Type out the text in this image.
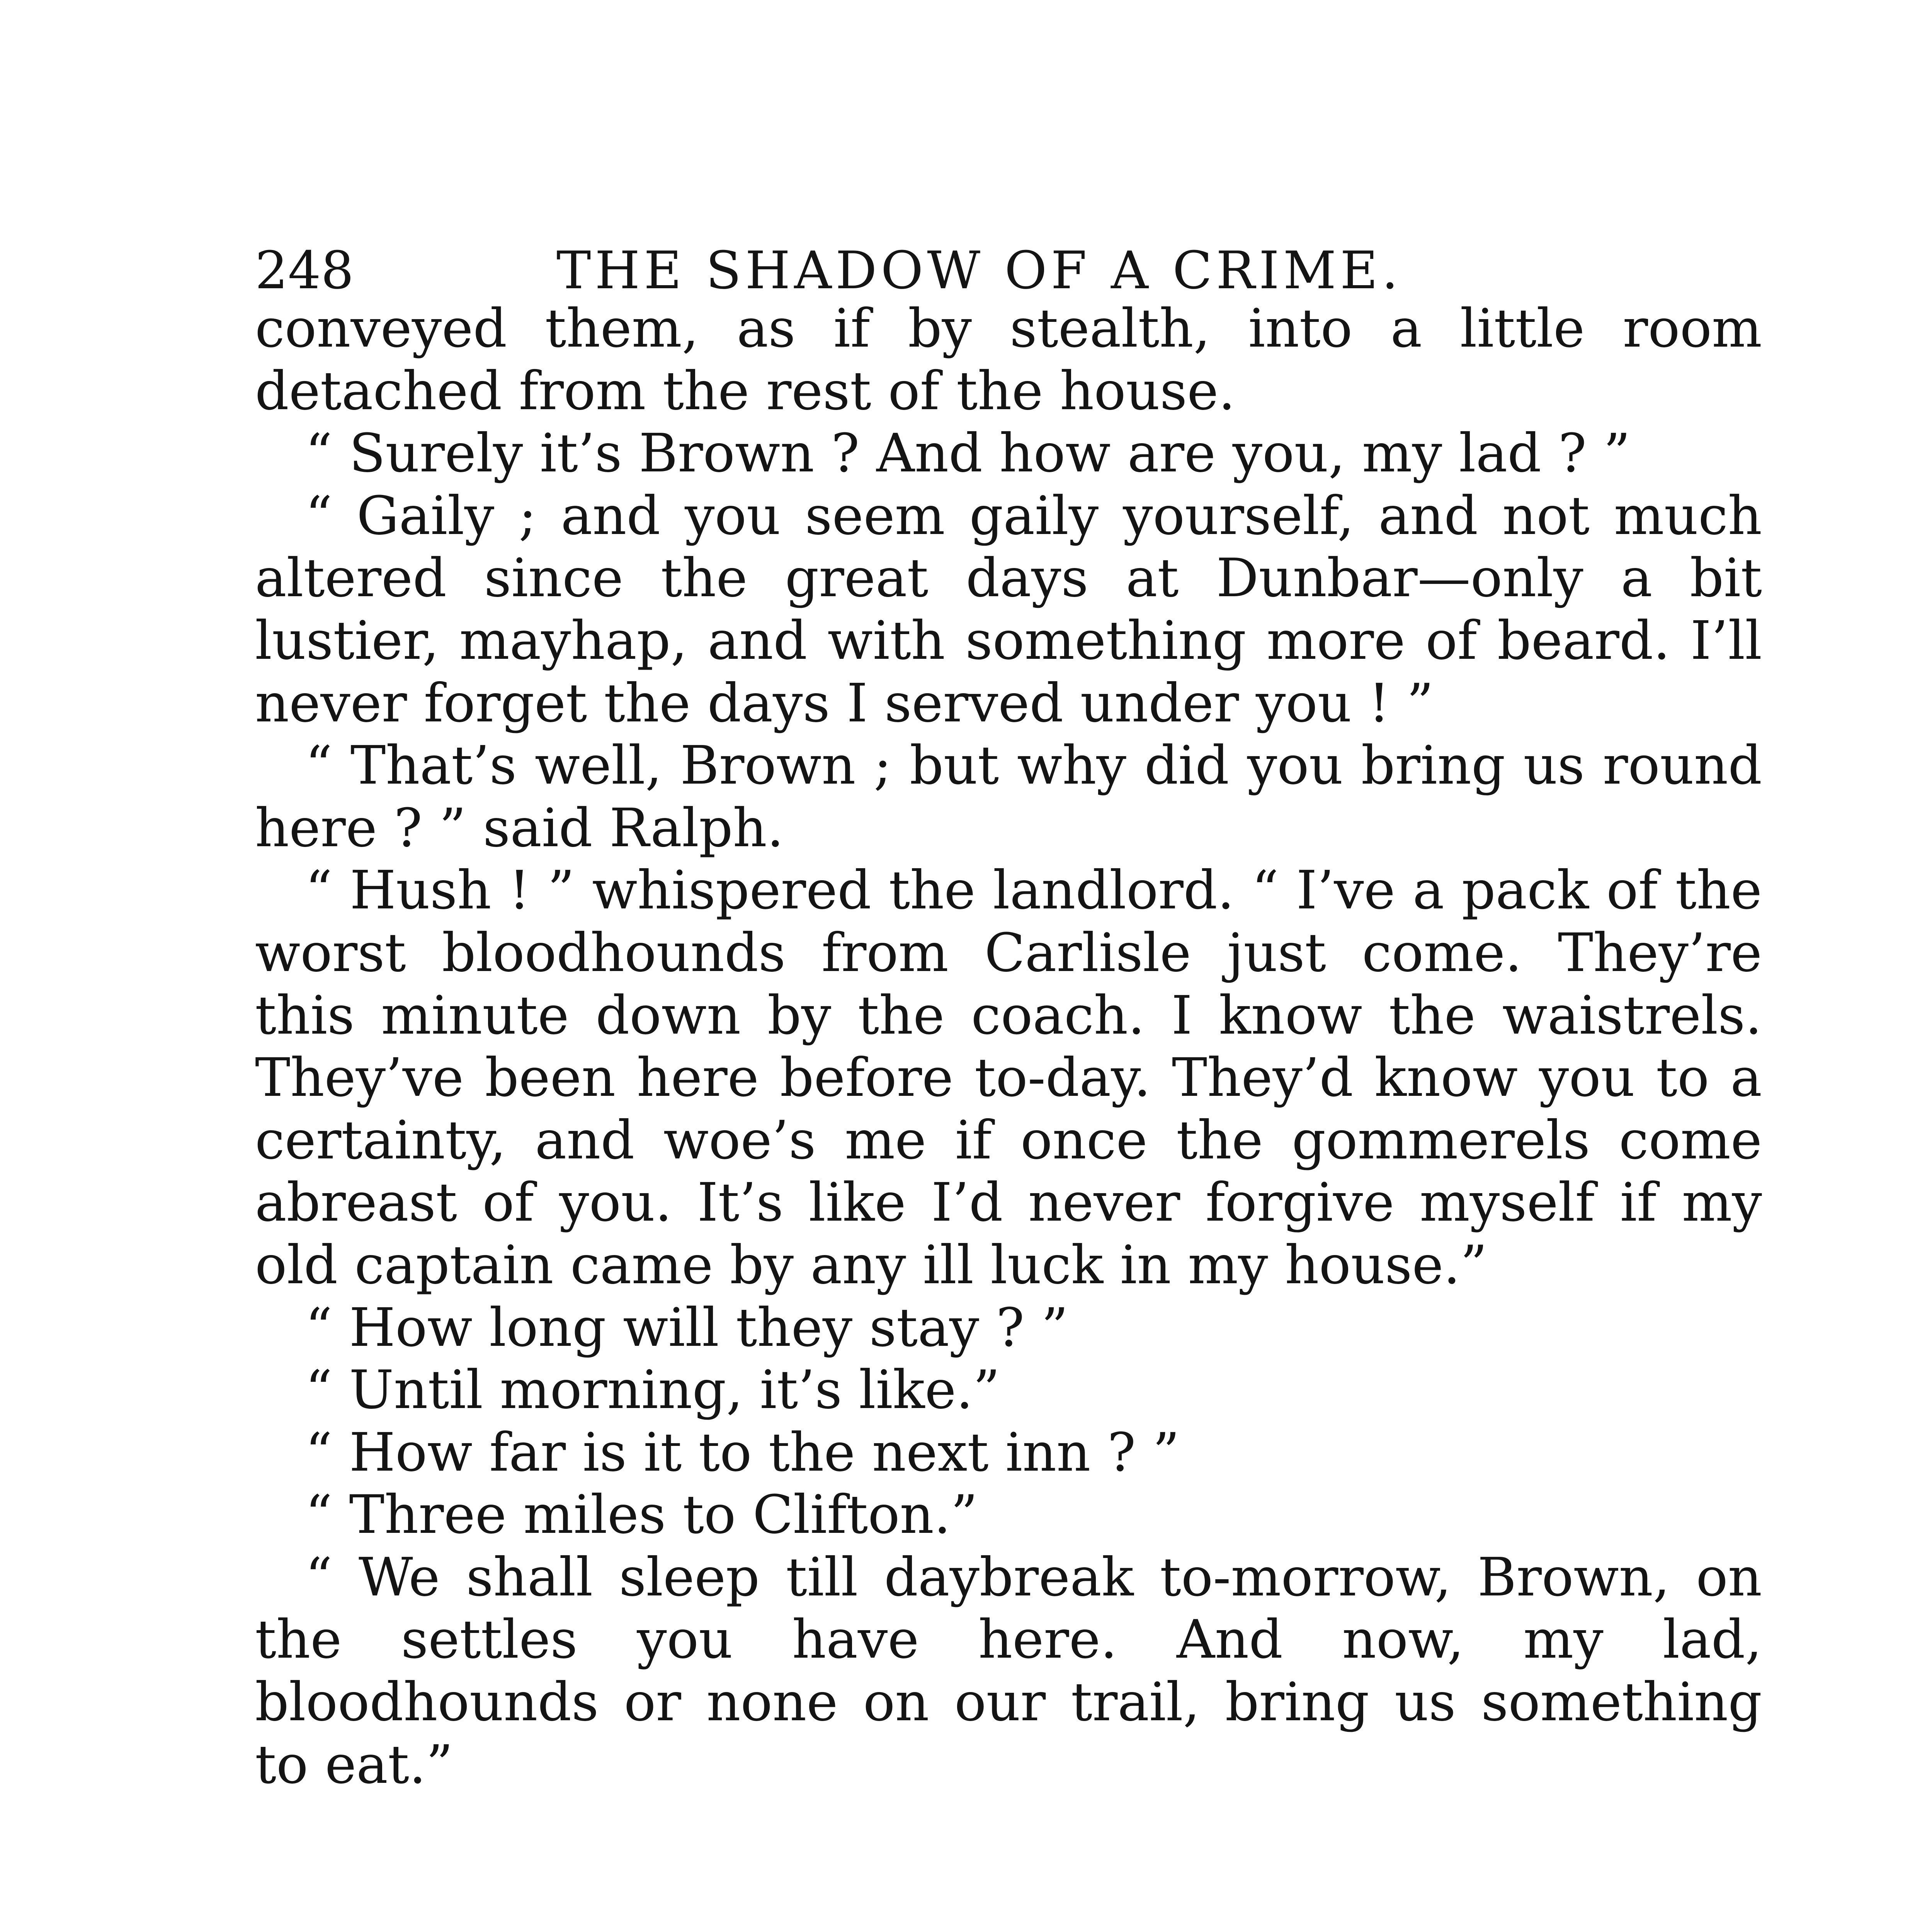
248	THE SHADOW OF A CRIME.

conveyed them, as if by stealth, into a little room detached from the rest of the house.

“ Surely it’s Brown ? And how are you, my lad ? ”

“ Gaily ; and you seem gaily yourself, and not much altered since the great days at Dunbar—only a bit lustier, mayhap, and with something more of beard. I’ll never forget the days I served under you ! ”

“ That’s well, Brown ; but why did you bring us round here ? ” said Ralph.

“ Hush ! ” whispered the landlord. “ I’ve a pack of the worst bloodhounds from Carlisle just come. They’re this minute down by the coach. I know the waistrels. They’ve been here before to-day. They’d know you to a certainty, and woe’s me if once the gommerels come abreast of you. It’s like I’d never forgive myself if my old captain came by any ill luck in my house.”

“ How long will they stay ? ”

“ Until morning, it’s like.”

“ How far is it to the next inn ? ”

“ Three miles to Clifton.”

“ We shall sleep till daybreak to-morrow, Brown, on the settles you have here. And now, my lad, bloodhounds or none on our trail, bring us something to eat.”
